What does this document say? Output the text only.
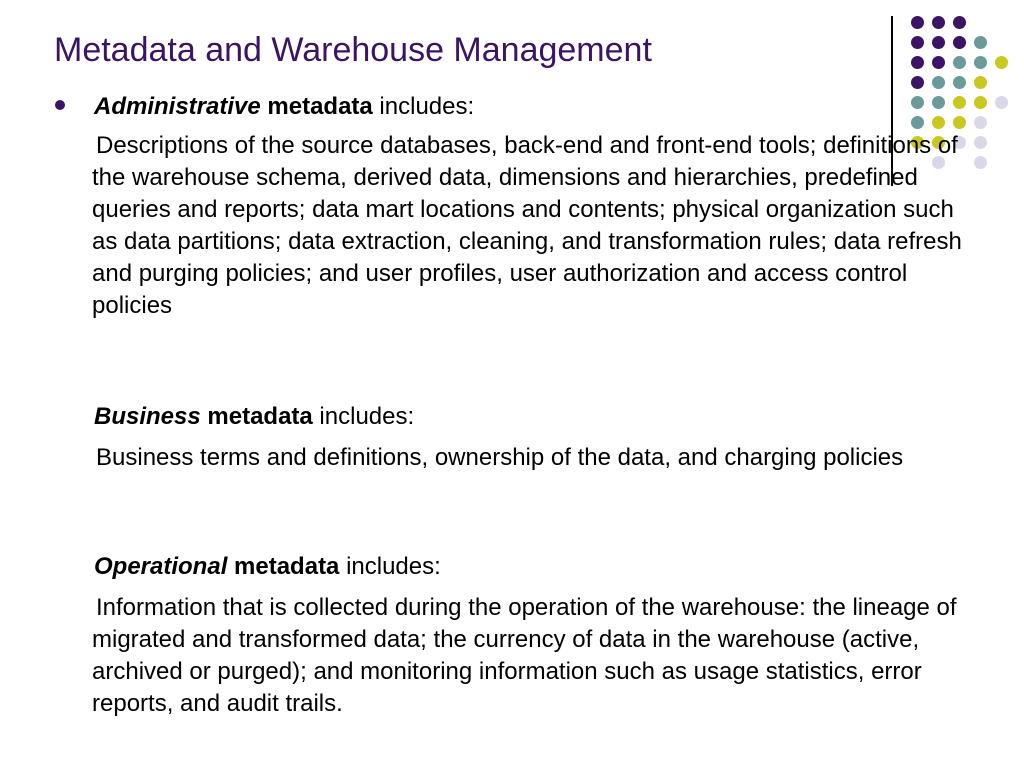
Metadata and Warehouse Management
Administrative metadata includes:
Descriptions of the source databases, back-end and front-end tools; definitions of the warehouse schema, derived data, dimensions and hierarchies, predefined queries and reports; data mart locations and contents; physical organization such as data partitions; data extraction, cleaning, and transformation rules; data refresh and purging policies; and user profiles, user authorization and access control policies
Business metadata includes:
Business terms and definitions, ownership of the data, and charging policies
Operational metadata includes:
Information that is collected during the operation of the warehouse: the lineage of migrated and transformed data; the currency of data in the warehouse (active, archived or purged); and monitoring information such as usage statistics, error reports, and audit trails.
